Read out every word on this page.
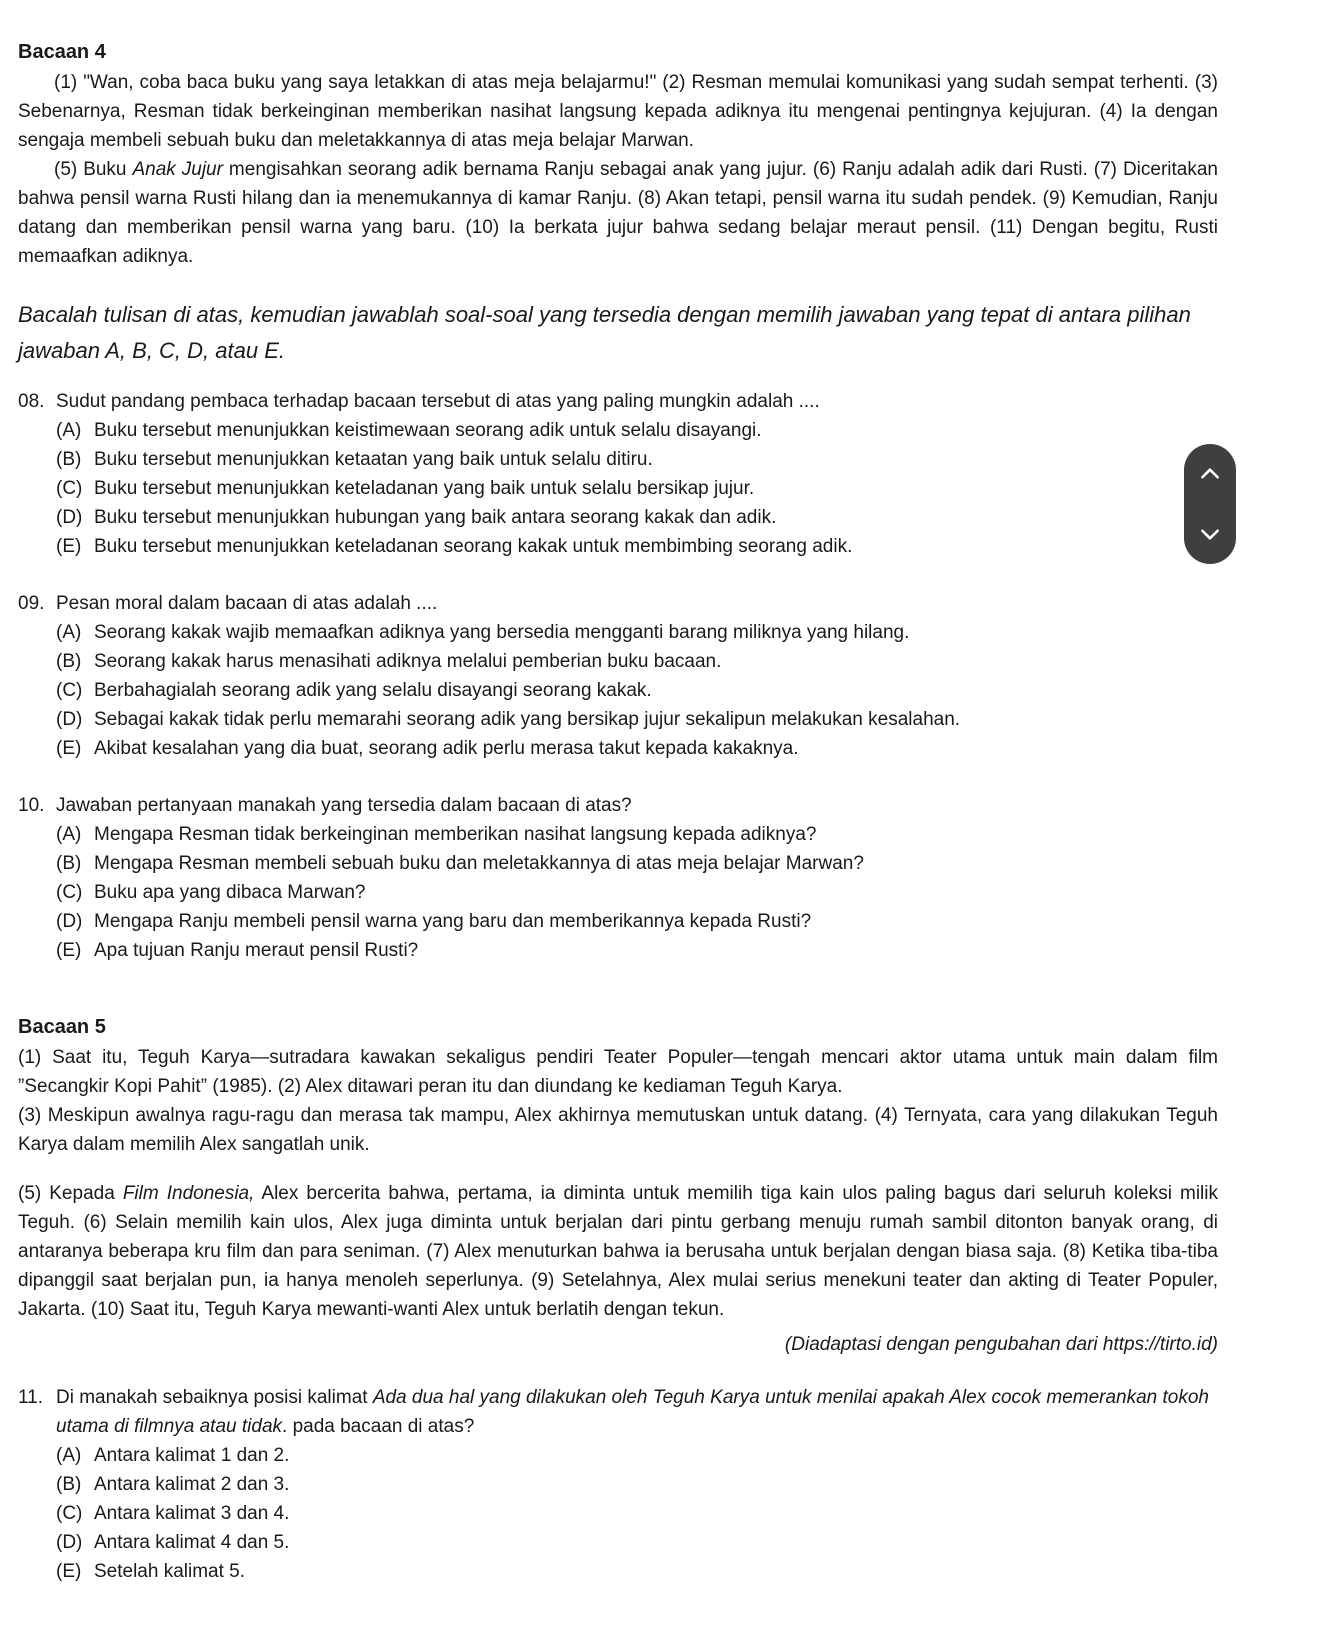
Bacaan 4

(1) "Wan, coba baca buku yang saya letakkan di atas meja belajarmu!" (2) Resman memulai komunikasi yang sudah sempat terhenti. (3) Sebenarnya, Resman tidak berkeinginan memberikan nasihat langsung kepada adiknya itu mengenai pentingnya kejujuran. (4) Ia dengan sengaja membeli sebuah buku dan meletakkannya di atas meja belajar Marwan.

(5) Buku Anak Jujur mengisahkan seorang adik bernama Ranju sebagai anak yang jujur. (6) Ranju adalah adik dari Rusti. (7) Diceritakan bahwa pensil warna Rusti hilang dan ia menemukannya di kamar Ranju. (8) Akan tetapi, pensil warna itu sudah pendek. (9) Kemudian, Ranju datang dan memberikan pensil warna yang baru. (10) Ia berkata jujur bahwa sedang belajar meraut pensil. (11) Dengan begitu, Rusti memaafkan adiknya.

Bacalah tulisan di atas, kemudian jawablah soal-soal yang tersedia dengan memilih jawaban yang tepat di antara pilihan jawaban A, B, C, D, atau E.

08. Sudut pandang pembaca terhadap bacaan tersebut di atas yang paling mungkin adalah ....
(A) Buku tersebut menunjukkan keistimewaan seorang adik untuk selalu disayangi.
(B) Buku tersebut menunjukkan ketaatan yang baik untuk selalu ditiru.
(C) Buku tersebut menunjukkan keteladanan yang baik untuk selalu bersikap jujur.
(D) Buku tersebut menunjukkan hubungan yang baik antara seorang kakak dan adik.
(E) Buku tersebut menunjukkan keteladanan seorang kakak untuk membimbing seorang adik.
09. Pesan moral dalam bacaan di atas adalah ....
(A) Seorang kakak wajib memaafkan adiknya yang bersedia mengganti barang miliknya yang hilang.
(B) Seorang kakak harus menasihati adiknya melalui pemberian buku bacaan.
(C) Berbahagialah seorang adik yang selalu disayangi seorang kakak.
(D) Sebagai kakak tidak perlu memarahi seorang adik yang bersikap jujur sekalipun melakukan kesalahan.
(E) Akibat kesalahan yang dia buat, seorang adik perlu merasa takut kepada kakaknya.
10. Jawaban pertanyaan manakah yang tersedia dalam bacaan di atas?
(A) Mengapa Resman tidak berkeinginan memberikan nasihat langsung kepada adiknya?
(B) Mengapa Resman membeli sebuah buku dan meletakkannya di atas meja belajar Marwan?
(C) Buku apa yang dibaca Marwan?
(D) Mengapa Ranju membeli pensil warna yang baru dan memberikannya kepada Rusti?
(E) Apa tujuan Ranju meraut pensil Rusti?
Bacaan 5

(1) Saat itu, Teguh Karya—sutradara kawakan sekaligus pendiri Teater Populer—tengah mencari aktor utama untuk main dalam film ”Secangkir Kopi Pahit” (1985). (2) Alex ditawari peran itu dan diundang ke kediaman Teguh Karya.

(3) Meskipun awalnya ragu-ragu dan merasa tak mampu, Alex akhirnya memutuskan untuk datang. (4) Ternyata, cara yang dilakukan Teguh Karya dalam memilih Alex sangatlah unik.

(5) Kepada Film Indonesia, Alex bercerita bahwa, pertama, ia diminta untuk memilih tiga kain ulos paling bagus dari seluruh koleksi milik Teguh. (6) Selain memilih kain ulos, Alex juga diminta untuk berjalan dari pintu gerbang menuju rumah sambil ditonton banyak orang, di antaranya beberapa kru film dan para seniman. (7) Alex menuturkan bahwa ia berusaha untuk berjalan dengan biasa saja. (8) Ketika tiba-tiba dipanggil saat berjalan pun, ia hanya menoleh seperlunya. (9) Setelahnya, Alex mulai serius menekuni teater dan akting di Teater Populer, Jakarta. (10) Saat itu, Teguh Karya mewanti-wanti Alex untuk berlatih dengan tekun.

(Diadaptasi dengan pengubahan dari https://tirto.id)

11. Di manakah sebaiknya posisi kalimat Ada dua hal yang dilakukan oleh Teguh Karya untuk menilai apakah Alex cocok memerankan tokoh utama di filmnya atau tidak. pada bacaan di atas?
(A) Antara kalimat 1 dan 2.
(B) Antara kalimat 2 dan 3.
(C) Antara kalimat 3 dan 4.
(D) Antara kalimat 4 dan 5.
(E) Setelah kalimat 5.
